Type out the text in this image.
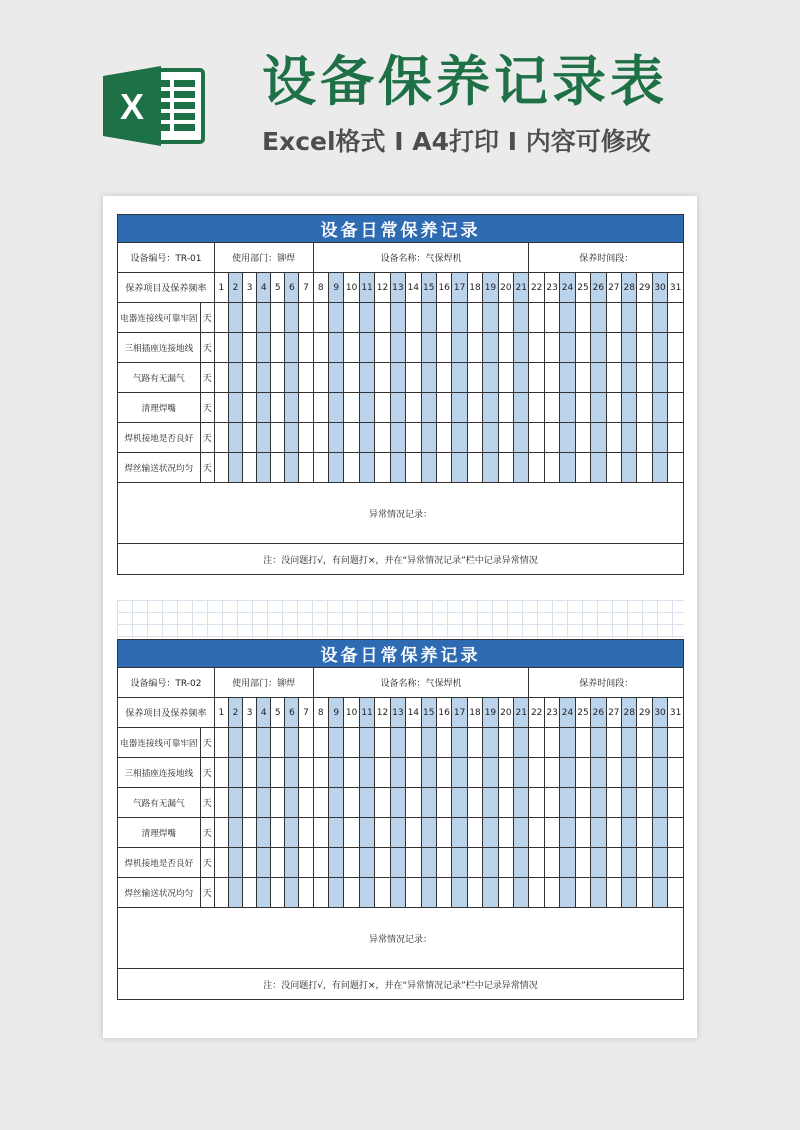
X 设备保养记录表
Excel格式 I A4打印 I 内容可修改
设备日常保养记录																																
设备编号：TR-01		使用部门：铆焊							设备名称：气保焊机														保养时间段：									
保养项目及保养频率		1	2	3	4	5	6	7	8	9	10	11	12	13	14	15	16	17	18	19	20	21	22	23	24	25	26	27	28	29	30	31
电器连接线可靠牢固	天																															
三相插座连接地线	天																															
气路有无漏气	天																															
清理焊嘴	天																															
焊机接地是否良好	天																															
焊丝输送状况均匀	天																															
异常情况记录：																																
注：没问题打√，有问题打×，并在“异常情况记录”栏中记录异常情况																																
设备日常保养记录																																
设备编号：TR-02		使用部门：铆焊							设备名称：气保焊机														保养时间段：									
保养项目及保养频率		1	2	3	4	5	6	7	8	9	10	11	12	13	14	15	16	17	18	19	20	21	22	23	24	25	26	27	28	29	30	31
电器连接线可靠牢固	天																															
三相插座连接地线	天																															
气路有无漏气	天																															
清理焊嘴	天																															
焊机接地是否良好	天																															
焊丝输送状况均匀	天																															
异常情况记录：																																
注：没问题打√，有问题打×，并在“异常情况记录”栏中记录异常情况																																
